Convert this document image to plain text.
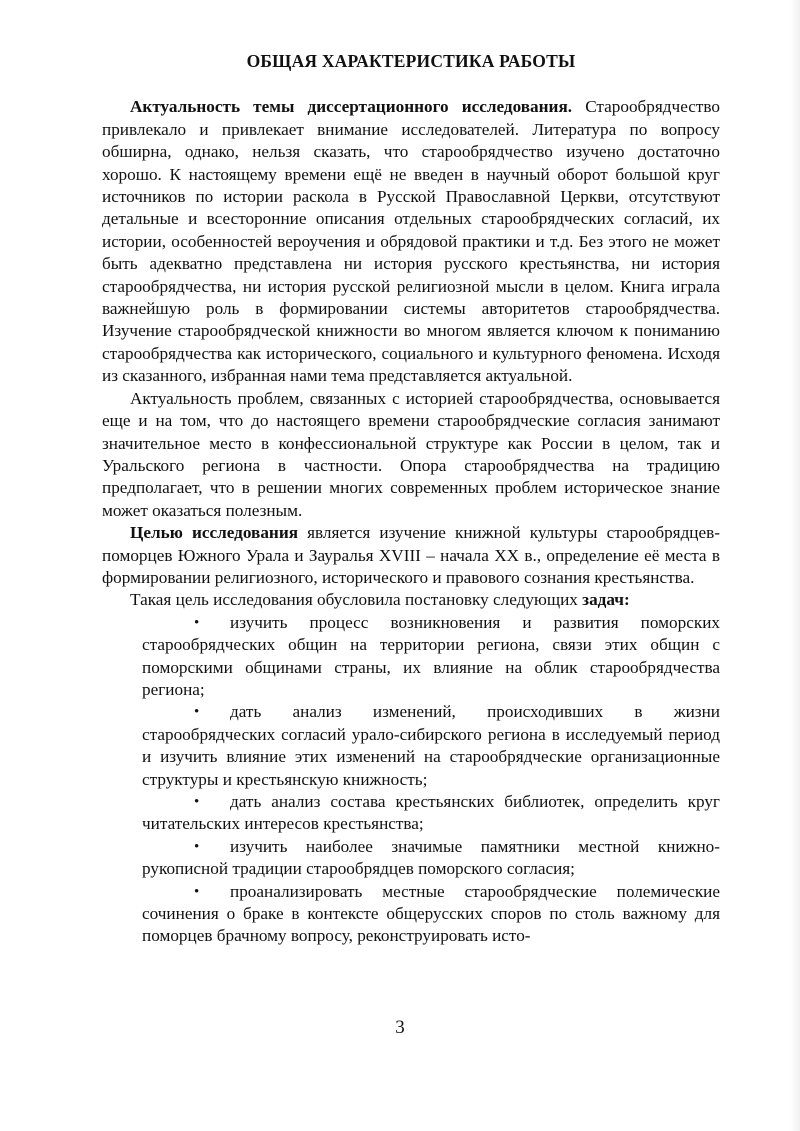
ОБЩАЯ ХАРАКТЕРИСТИКА РАБОТЫ

Актуальность темы диссертационного исследования. Старообрядчество привлекало и привлекает внимание исследователей. Литература по вопросу обширна, однако, нельзя сказать, что старообрядчество изучено достаточно хорошо. К настоящему времени ещё не введен в научный оборот большой круг источников по истории раскола в Русской Православной Церкви, отсутствуют детальные и всесторонние описания отдельных старообрядческих согласий, их истории, особенностей вероучения и обрядовой практики и т.д. Без этого не может быть адекватно представлена ни история русского крестьянства, ни история старообрядчества, ни история русской религиозной мысли в целом. Книга играла важнейшую роль в формировании системы авторитетов старообрядчества. Изучение старообрядческой книжности во многом является ключом к пониманию старообрядчества как исторического, социального и культурного феномена. Исходя из сказанного, избранная нами тема представляется актуальной.

Актуальность проблем, связанных с историей старообрядчества, основывается еще и на том, что до настоящего времени старообрядческие согласия занимают значительное место в конфессиональной структуре как России в целом, так и Уральского региона в частности. Опора старообрядчества на традицию предполагает, что в решении многих современных проблем историческое знание может оказаться полезным.

Целью исследования является изучение книжной культуры старообрядцев-поморцев Южного Урала и Зауралья XVIII – начала XX в., определение её места в формировании религиозного, исторического и правового сознания крестьянства.

Такая цель исследования обусловила постановку следующих задач:

• изучить процесс возникновения и развития поморских старообрядческих общин на территории региона, связи этих общин с поморскими общинами страны, их влияние на облик старообрядчества региона;
• дать анализ изменений, происходивших в жизни старообрядческих согласий урало-сибирского региона в исследуемый период и изучить влияние этих изменений на старообрядческие организационные структуры и крестьянскую книжность;
• дать анализ состава крестьянских библиотек, определить круг читательских интересов крестьянства;
• изучить наиболее значимые памятники местной книжно-рукописной традиции старообрядцев поморского согласия;
• проанализировать местные старообрядческие полемические сочинения о браке в контексте общерусских споров по столь важному для поморцев брачному вопросу, реконструировать исто-
3
